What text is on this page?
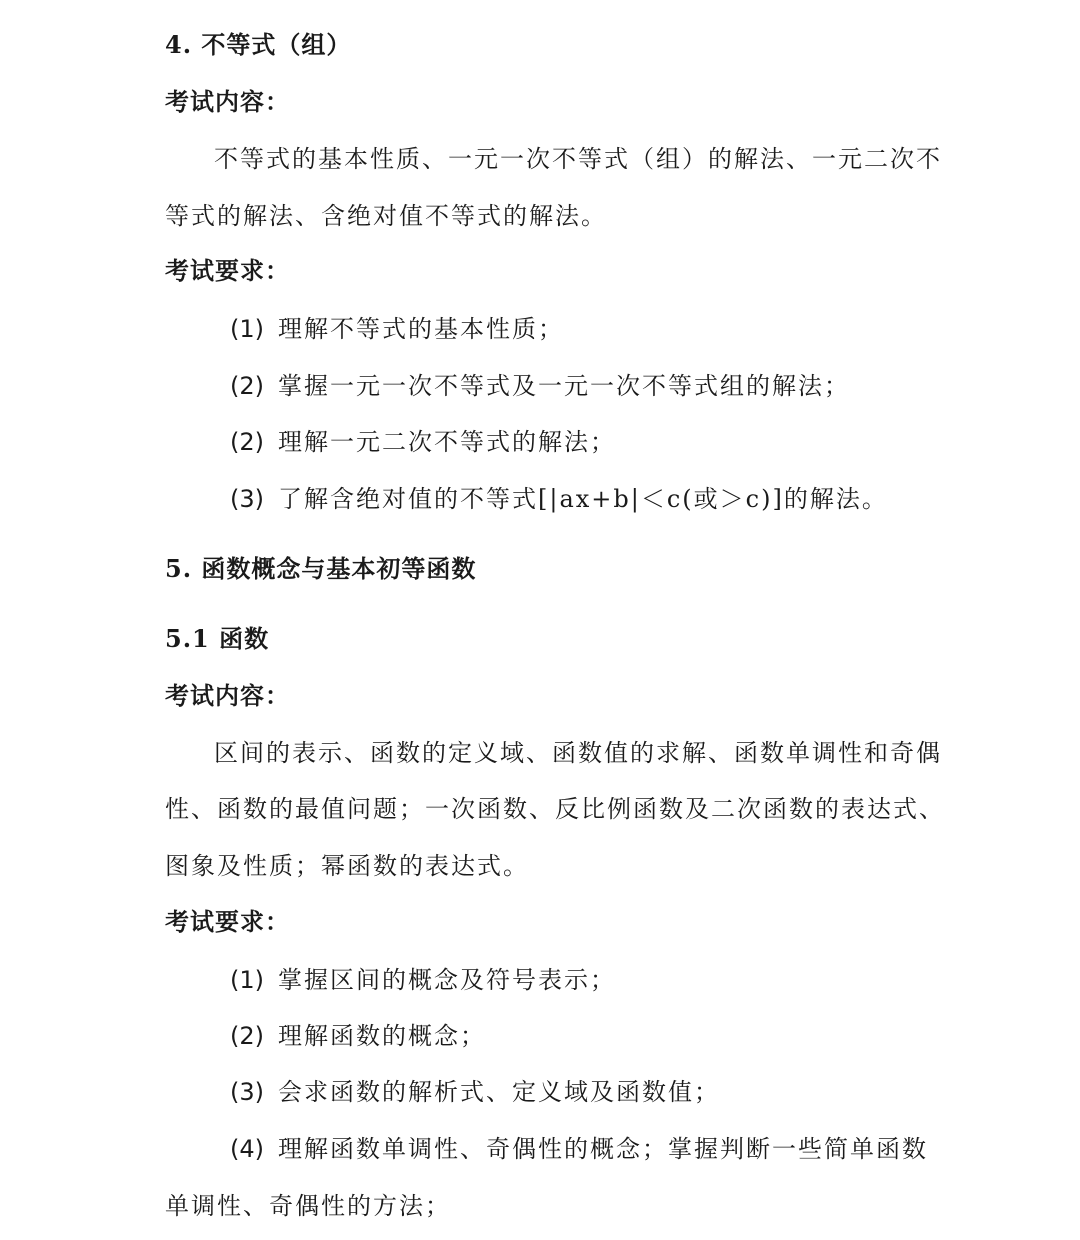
4. 不等式（组）
考试内容：
不等式的基本性质、一元一次不等式（组）的解法、一元二次不
等式的解法、含绝对值不等式的解法。
考试要求：
(1) 理解不等式的基本性质；
(2) 掌握一元一次不等式及一元一次不等式组的解法；
(2) 理解一元二次不等式的解法；
(3) 了解含绝对值的不等式[|ax+b|＜c(或＞c)]的解法。
5. 函数概念与基本初等函数
5.1 函数
考试内容：
区间的表示、函数的定义域、函数值的求解、函数单调性和奇偶
性、函数的最值问题；一次函数、反比例函数及二次函数的表达式、
图象及性质；幂函数的表达式。
考试要求：
(1) 掌握区间的概念及符号表示；
(2) 理解函数的概念；
(3) 会求函数的解析式、定义域及函数值；
(4) 理解函数单调性、奇偶性的概念；掌握判断一些简单函数
单调性、奇偶性的方法；
